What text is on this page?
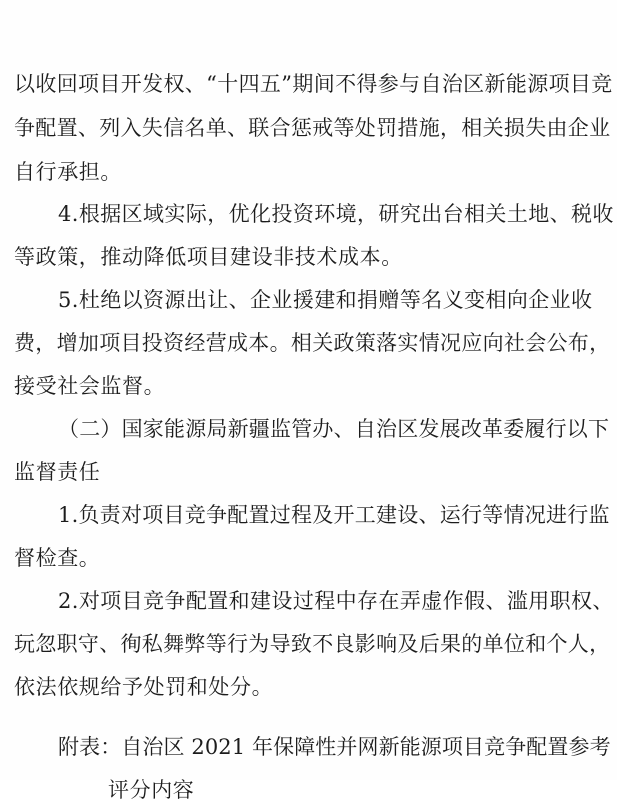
以收回项目开发权、“十四五”期间不得参与自治区新能源项目竞
争配置、列入失信名单、联合惩戒等处罚措施，相关损失由企业
自行承担。
4.根据区域实际，优化投资环境，研究出台相关土地、税收
等政策，推动降低项目建设非技术成本。
5.杜绝以资源出让、企业援建和捐赠等名义变相向企业收
费，增加项目投资经营成本。相关政策落实情况应向社会公布，
接受社会监督。
（二）国家能源局新疆监管办、自治区发展改革委履行以下
监督责任
1.负责对项目竞争配置过程及开工建设、运行等情况进行监
督检查。
2.对项目竞争配置和建设过程中存在弄虚作假、滥用职权、
玩忽职守、徇私舞弊等行为导致不良影响及后果的单位和个人，
依法依规给予处罚和处分。
附表：自治区 2021 年保障性并网新能源项目竞争配置参考
评分内容
